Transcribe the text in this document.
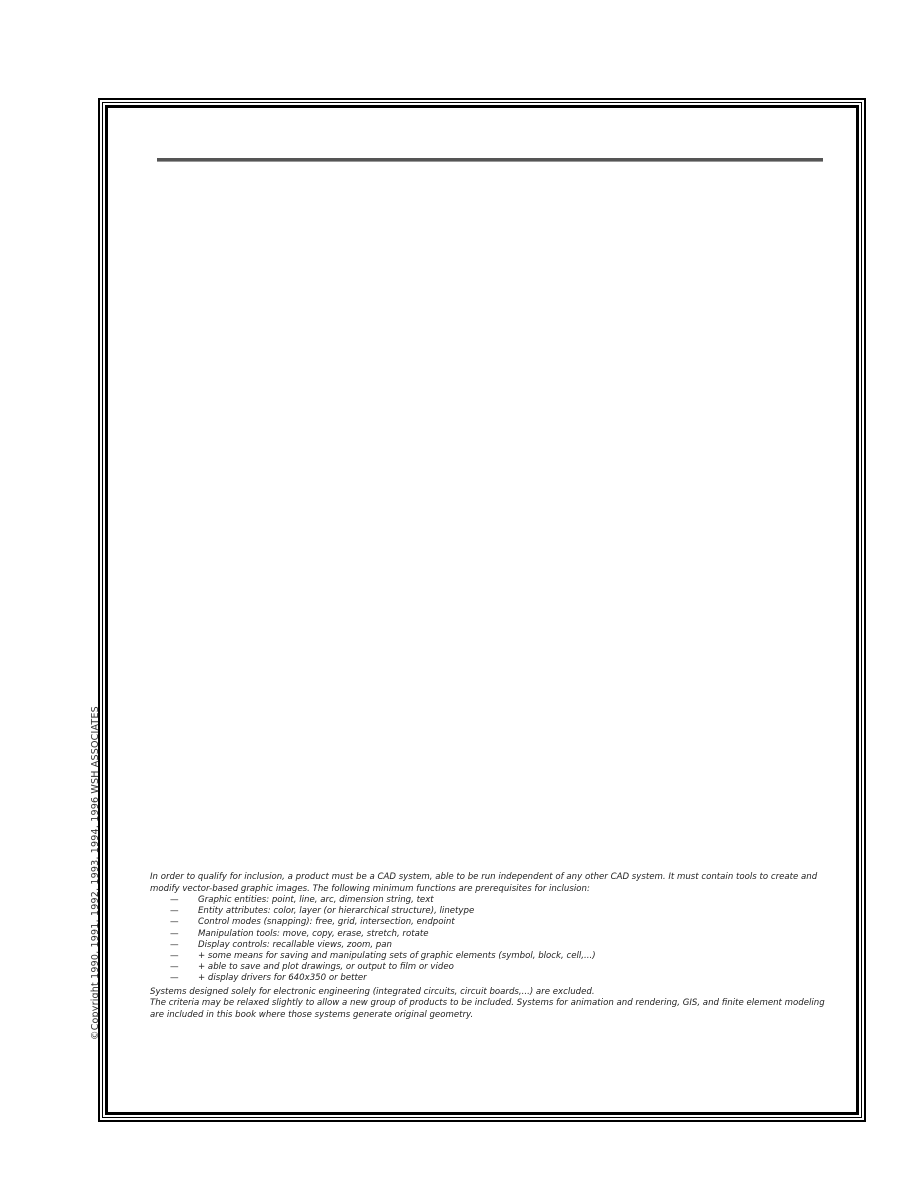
©Copyright 1990, 1991, 1992, 1993, 1994, 1996 WSH ASSOCIATES	In order to qualify for inclusion, a product must be a CAD system, able to be run independent of any other CAD system. It must contain tools to create and modify vector-based graphic images. The following minimum functions are prerequisites for inclusion:

—	Graphic entities: point, line, arc, dimension string, text
—	Entity attributes: color, layer (or hierarchical structure), linetype
—	Control modes (snapping): free, grid, intersection, endpoint
—	Manipulation tools: move, copy, erase, stretch, rotate
—	Display controls: recallable views, zoom, pan
—	+ some means for saving and manipulating sets of graphic elements (symbol, block, cell,...)
—	+ able to save and plot drawings, or output to film or video
—	+ display drivers for 640x350 or better

Systems designed solely for electronic engineering (integrated circuits, circuit boards,...) are excluded.

The criteria may be relaxed slightly to allow a new group of products to be included. Systems for animation and rendering, GIS, and finite element modeling are included in this book where those systems generate original geometry.
